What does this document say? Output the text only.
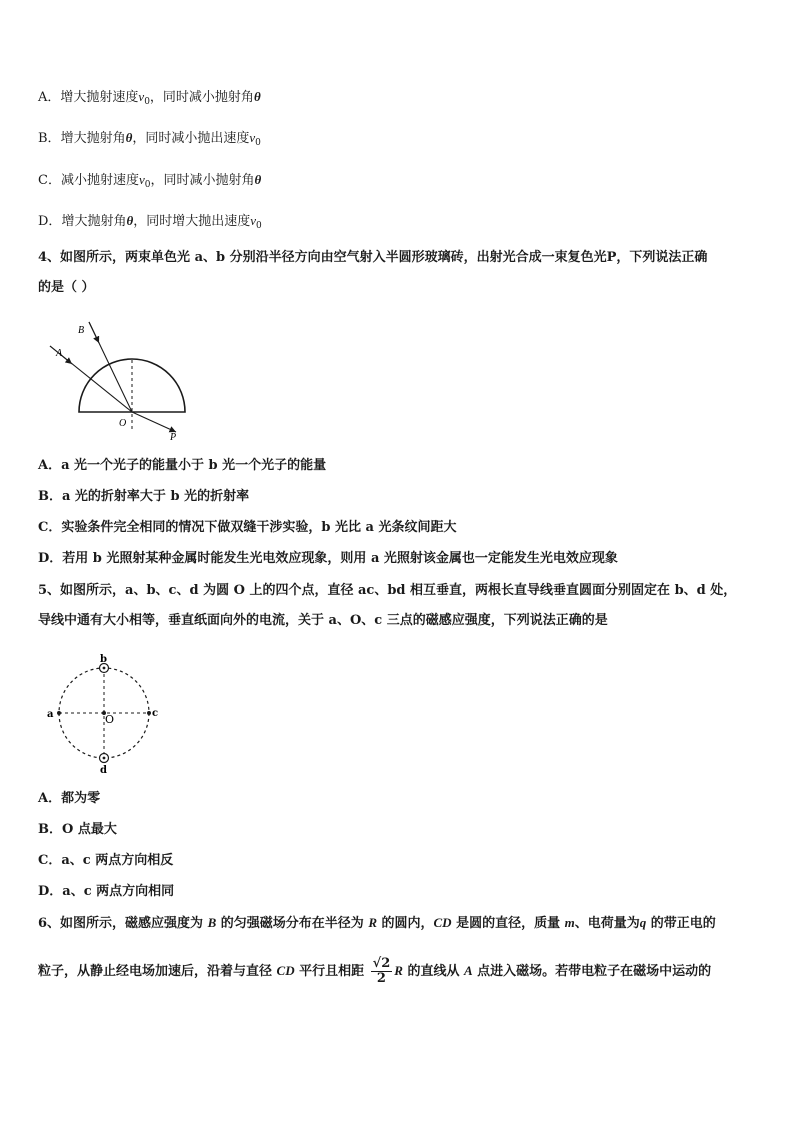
A．增大抛射速度$v_0$，同时减小抛射角θ
B．增大抛射角θ，同时减小抛出速度$v_0$
C．减小抛射速度$v_0$，同时减小抛射角θ
D．增大抛射角θ，同时增大抛出速度$v_0$
4、如图所示，两束单色光 a、b 分别沿半径方向由空气射入半圆形玻璃砖，出射光合成一束复色光P，下列说法正确
的是（ ）
B
A
O
P
A．a 光一个光子的能量小于 b 光一个光子的能量
B．a 光的折射率大于 b 光的折射率
C．实验条件完全相同的情况下做双缝干涉实验，b 光比 a 光条纹间距大
D．若用 b 光照射某种金属时能发生光电效应现象，则用 a 光照射该金属也一定能发生光电效应现象
5、如图所示，a、b、c、d 为圆 O 上的四个点，直径 ac、bd 相互垂直，两根长直导线垂直圆面分别固定在 b、d 处，
导线中通有大小相等，垂直纸面向外的电流，关于 a、O、c 三点的磁感应强度，下列说法正确的是
b
a	c
O
d
A．都为零
B．O 点最大
C．a、c 两点方向相反
D．a、c 两点方向相同
6、如图所示，磁感应强度为 B 的匀强磁场分布在半径为 R 的圆内，CD 是圆的直径，质量 m、电荷量为q 的带正电的
粒子，从静止经电场加速后，沿着与直径 CD 平行且相距 $\frac{√2}{2}$ R 的直线从 A 点进入磁场。若带电粒子在磁场中运动的
